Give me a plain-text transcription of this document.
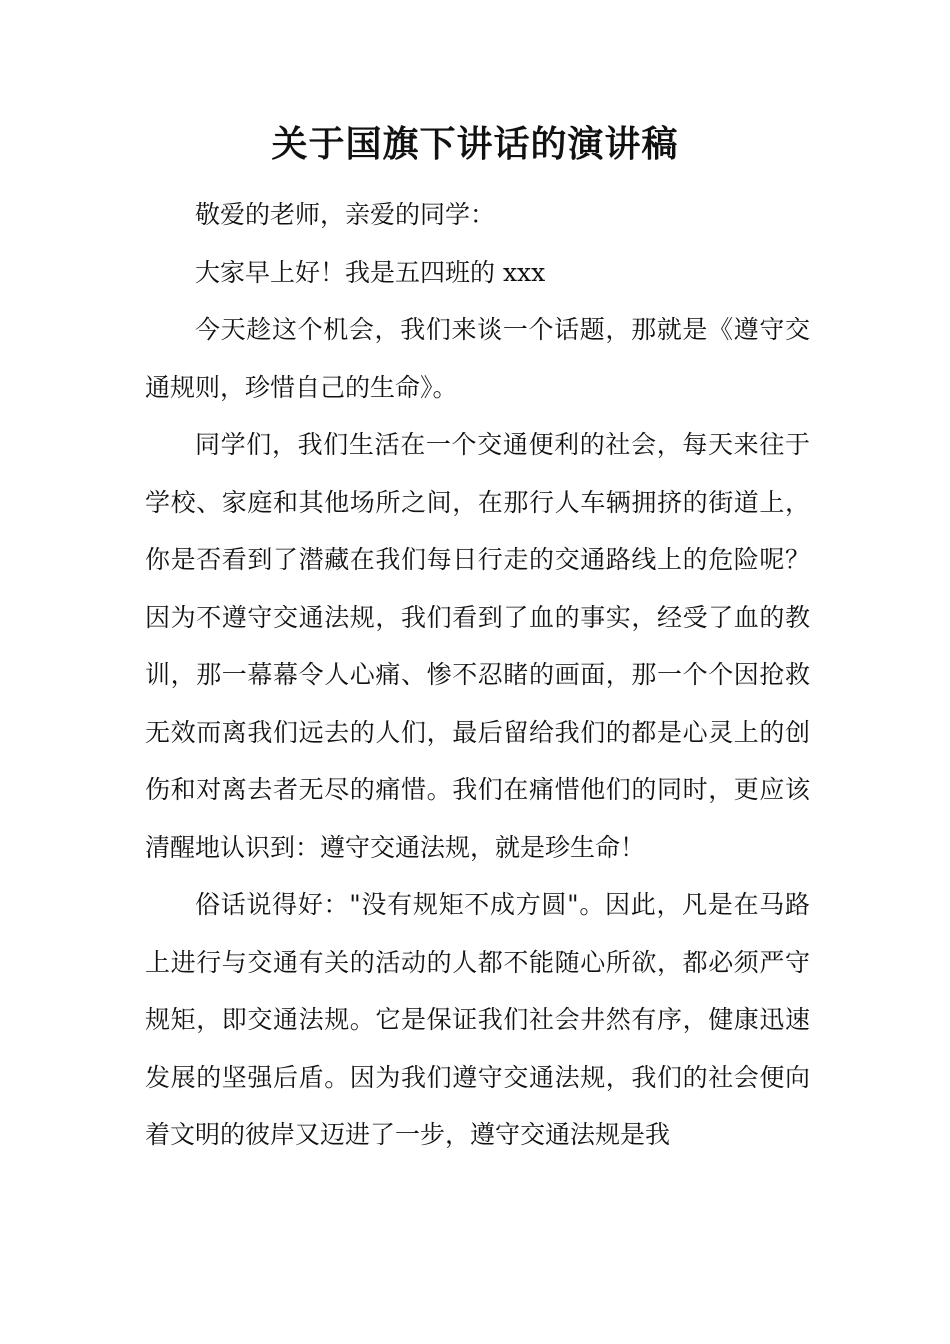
关于国旗下讲话的演讲稿

敬爱的老师，亲爱的同学：

大家早上好！我是五四班的 xxx

今天趁这个机会，我们来谈一个话题，那就是《遵守交通规则，珍惜自己的生命》。

同学们，我们生活在一个交通便利的社会，每天来往于学校、家庭和其他场所之间，在那行人车辆拥挤的街道上，你是否看到了潜藏在我们每日行走的交通路线上的危险呢？因为不遵守交通法规，我们看到了血的事实，经受了血的教训，那一幕幕令人心痛、惨不忍睹的画面，那一个个因抢救无效而离我们远去的人们，最后留给我们的都是心灵上的创伤和对离去者无尽的痛惜。我们在痛惜他们的同时，更应该清醒地认识到：遵守交通法规，就是珍生命！

俗话说得好："没有规矩不成方圆"。因此，凡是在马路上进行与交通有关的活动的人都不能随心所欲，都必须严守规矩，即交通法规。它是保证我们社会井然有序，健康迅速发展的坚强后盾。因为我们遵守交通法规，我们的社会便向着文明的彼岸又迈进了一步，遵守交通法规是我
